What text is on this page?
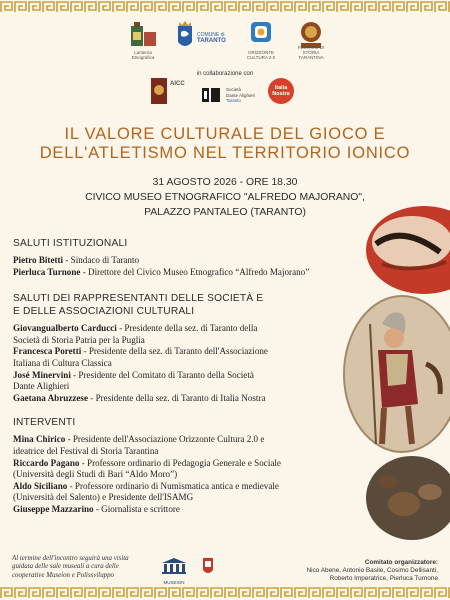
Lanterna Etnografica
COMUNE di
TARANTO
ORIZZONTE CULTURA 2.0
FESTIVAL DI STORIA TARANTINA
in collaborazione con
AICC
Società
Dante Alighieri
Taranto
Italia
Nostra
IL VALORE CULTURALE DEL GIOCO E
DELL'ATLETISMO NEL TERRITORIO IONICO
31 AGOSTO 2026 - ORE 18.30
CIVICO MUSEO ETNOGRAFICO "ALFREDO MAJORANO",
PALAZZO PANTALEO (TARANTO)
SALUTI ISTITUZIONALI
Pietro Bitetti - Sindaco di Taranto
Pierluca Turnone - Direttore del Civico Museo Etnografico “Alfredo Majorano”
SALUTI DEI RAPPRESENTANTI DELLE SOCIETÀ E
E DELLE ASSOCIAZIONI CULTURALI
Giovangualberto Carducci - Presidente della sez. di Taranto della
Società di Storia Patria per la Puglia
Francesca Poretti - Presidente della sez. di Taranto dell'Associazione
Italiana di Cultura Classica
José Minervini - Presidente del Comitato di Taranto della Società
Dante Alighieri
Gaetana Abruzzese - Presidente della sez. di Taranto di Italia Nostra
INTERVENTI
Mina Chirico - Presidente dell'Associazione Orizzonte Cultura 2.0 e
ideatrice del Festival di Storia Tarantina
Riccardo Pagano - Professore ordinario di Pedagogia Generale e Sociale
(Università degli Studi di Bari “Aldo Moro”)
Aldo Siciliano - Professore ordinario di Numismatica antica e medievale
(Università del Salento) e Presidente dell'ISAMG
Giuseppe Mazzarino - Giornalista e scrittore
Al termine dell'incontro seguirà una visita
guidata delle sale museali a cura delle
cooperative Museion e Polissviluppo
MUSEION
Comitato organizzatore:
Nico Abene, Antonio Basile, Cosimo Dellisanti,
Roberto Imperatrice, Pierluca Turnone
